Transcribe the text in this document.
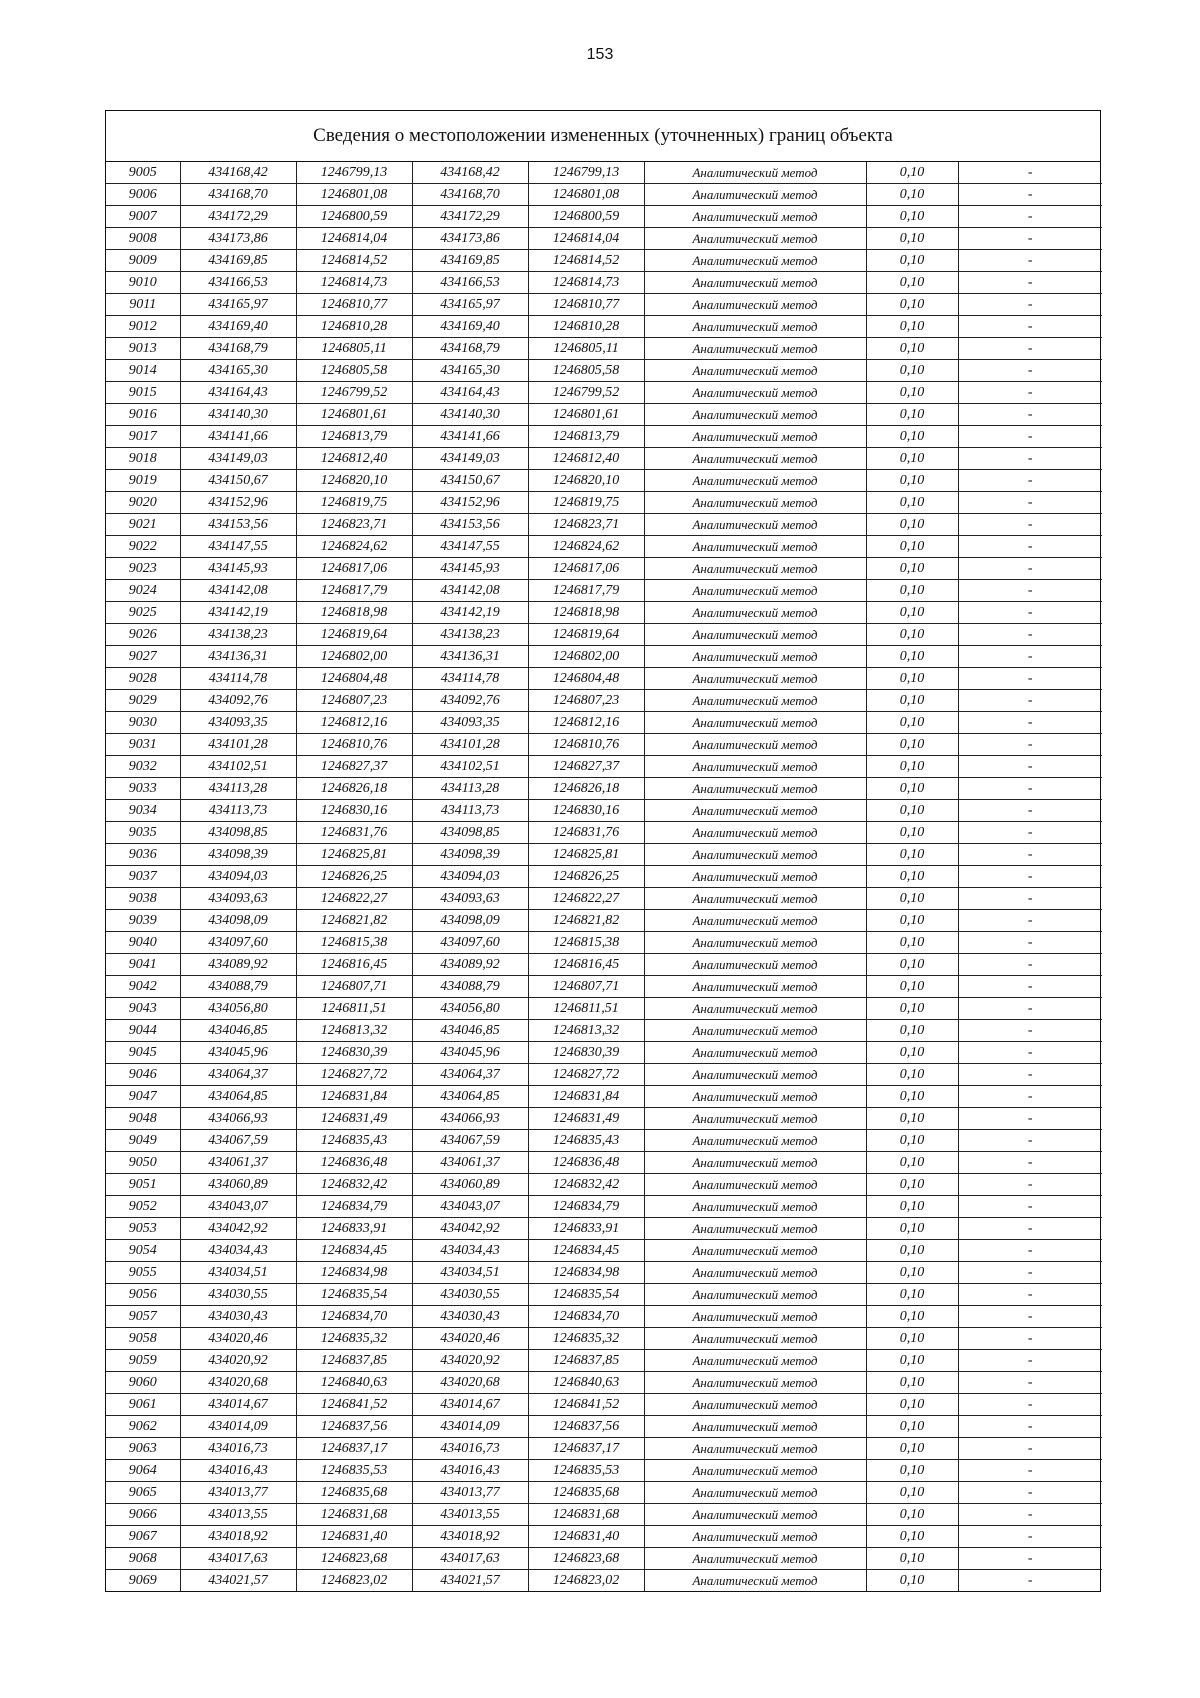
153
Сведения о местоположении измененных (уточненных) границ объекта
9005	434168,42	1246799,13	434168,42	1246799,13	Аналитический метод	0,10	-
9006	434168,70	1246801,08	434168,70	1246801,08	Аналитический метод	0,10	-
9007	434172,29	1246800,59	434172,29	1246800,59	Аналитический метод	0,10	-
9008	434173,86	1246814,04	434173,86	1246814,04	Аналитический метод	0,10	-
9009	434169,85	1246814,52	434169,85	1246814,52	Аналитический метод	0,10	-
9010	434166,53	1246814,73	434166,53	1246814,73	Аналитический метод	0,10	-
9011	434165,97	1246810,77	434165,97	1246810,77	Аналитический метод	0,10	-
9012	434169,40	1246810,28	434169,40	1246810,28	Аналитический метод	0,10	-
9013	434168,79	1246805,11	434168,79	1246805,11	Аналитический метод	0,10	-
9014	434165,30	1246805,58	434165,30	1246805,58	Аналитический метод	0,10	-
9015	434164,43	1246799,52	434164,43	1246799,52	Аналитический метод	0,10	-
9016	434140,30	1246801,61	434140,30	1246801,61	Аналитический метод	0,10	-
9017	434141,66	1246813,79	434141,66	1246813,79	Аналитический метод	0,10	-
9018	434149,03	1246812,40	434149,03	1246812,40	Аналитический метод	0,10	-
9019	434150,67	1246820,10	434150,67	1246820,10	Аналитический метод	0,10	-
9020	434152,96	1246819,75	434152,96	1246819,75	Аналитический метод	0,10	-
9021	434153,56	1246823,71	434153,56	1246823,71	Аналитический метод	0,10	-
9022	434147,55	1246824,62	434147,55	1246824,62	Аналитический метод	0,10	-
9023	434145,93	1246817,06	434145,93	1246817,06	Аналитический метод	0,10	-
9024	434142,08	1246817,79	434142,08	1246817,79	Аналитический метод	0,10	-
9025	434142,19	1246818,98	434142,19	1246818,98	Аналитический метод	0,10	-
9026	434138,23	1246819,64	434138,23	1246819,64	Аналитический метод	0,10	-
9027	434136,31	1246802,00	434136,31	1246802,00	Аналитический метод	0,10	-
9028	434114,78	1246804,48	434114,78	1246804,48	Аналитический метод	0,10	-
9029	434092,76	1246807,23	434092,76	1246807,23	Аналитический метод	0,10	-
9030	434093,35	1246812,16	434093,35	1246812,16	Аналитический метод	0,10	-
9031	434101,28	1246810,76	434101,28	1246810,76	Аналитический метод	0,10	-
9032	434102,51	1246827,37	434102,51	1246827,37	Аналитический метод	0,10	-
9033	434113,28	1246826,18	434113,28	1246826,18	Аналитический метод	0,10	-
9034	434113,73	1246830,16	434113,73	1246830,16	Аналитический метод	0,10	-
9035	434098,85	1246831,76	434098,85	1246831,76	Аналитический метод	0,10	-
9036	434098,39	1246825,81	434098,39	1246825,81	Аналитический метод	0,10	-
9037	434094,03	1246826,25	434094,03	1246826,25	Аналитический метод	0,10	-
9038	434093,63	1246822,27	434093,63	1246822,27	Аналитический метод	0,10	-
9039	434098,09	1246821,82	434098,09	1246821,82	Аналитический метод	0,10	-
9040	434097,60	1246815,38	434097,60	1246815,38	Аналитический метод	0,10	-
9041	434089,92	1246816,45	434089,92	1246816,45	Аналитический метод	0,10	-
9042	434088,79	1246807,71	434088,79	1246807,71	Аналитический метод	0,10	-
9043	434056,80	1246811,51	434056,80	1246811,51	Аналитический метод	0,10	-
9044	434046,85	1246813,32	434046,85	1246813,32	Аналитический метод	0,10	-
9045	434045,96	1246830,39	434045,96	1246830,39	Аналитический метод	0,10	-
9046	434064,37	1246827,72	434064,37	1246827,72	Аналитический метод	0,10	-
9047	434064,85	1246831,84	434064,85	1246831,84	Аналитический метод	0,10	-
9048	434066,93	1246831,49	434066,93	1246831,49	Аналитический метод	0,10	-
9049	434067,59	1246835,43	434067,59	1246835,43	Аналитический метод	0,10	-
9050	434061,37	1246836,48	434061,37	1246836,48	Аналитический метод	0,10	-
9051	434060,89	1246832,42	434060,89	1246832,42	Аналитический метод	0,10	-
9052	434043,07	1246834,79	434043,07	1246834,79	Аналитический метод	0,10	-
9053	434042,92	1246833,91	434042,92	1246833,91	Аналитический метод	0,10	-
9054	434034,43	1246834,45	434034,43	1246834,45	Аналитический метод	0,10	-
9055	434034,51	1246834,98	434034,51	1246834,98	Аналитический метод	0,10	-
9056	434030,55	1246835,54	434030,55	1246835,54	Аналитический метод	0,10	-
9057	434030,43	1246834,70	434030,43	1246834,70	Аналитический метод	0,10	-
9058	434020,46	1246835,32	434020,46	1246835,32	Аналитический метод	0,10	-
9059	434020,92	1246837,85	434020,92	1246837,85	Аналитический метод	0,10	-
9060	434020,68	1246840,63	434020,68	1246840,63	Аналитический метод	0,10	-
9061	434014,67	1246841,52	434014,67	1246841,52	Аналитический метод	0,10	-
9062	434014,09	1246837,56	434014,09	1246837,56	Аналитический метод	0,10	-
9063	434016,73	1246837,17	434016,73	1246837,17	Аналитический метод	0,10	-
9064	434016,43	1246835,53	434016,43	1246835,53	Аналитический метод	0,10	-
9065	434013,77	1246835,68	434013,77	1246835,68	Аналитический метод	0,10	-
9066	434013,55	1246831,68	434013,55	1246831,68	Аналитический метод	0,10	-
9067	434018,92	1246831,40	434018,92	1246831,40	Аналитический метод	0,10	-
9068	434017,63	1246823,68	434017,63	1246823,68	Аналитический метод	0,10	-
9069	434021,57	1246823,02	434021,57	1246823,02	Аналитический метод	0,10	-
